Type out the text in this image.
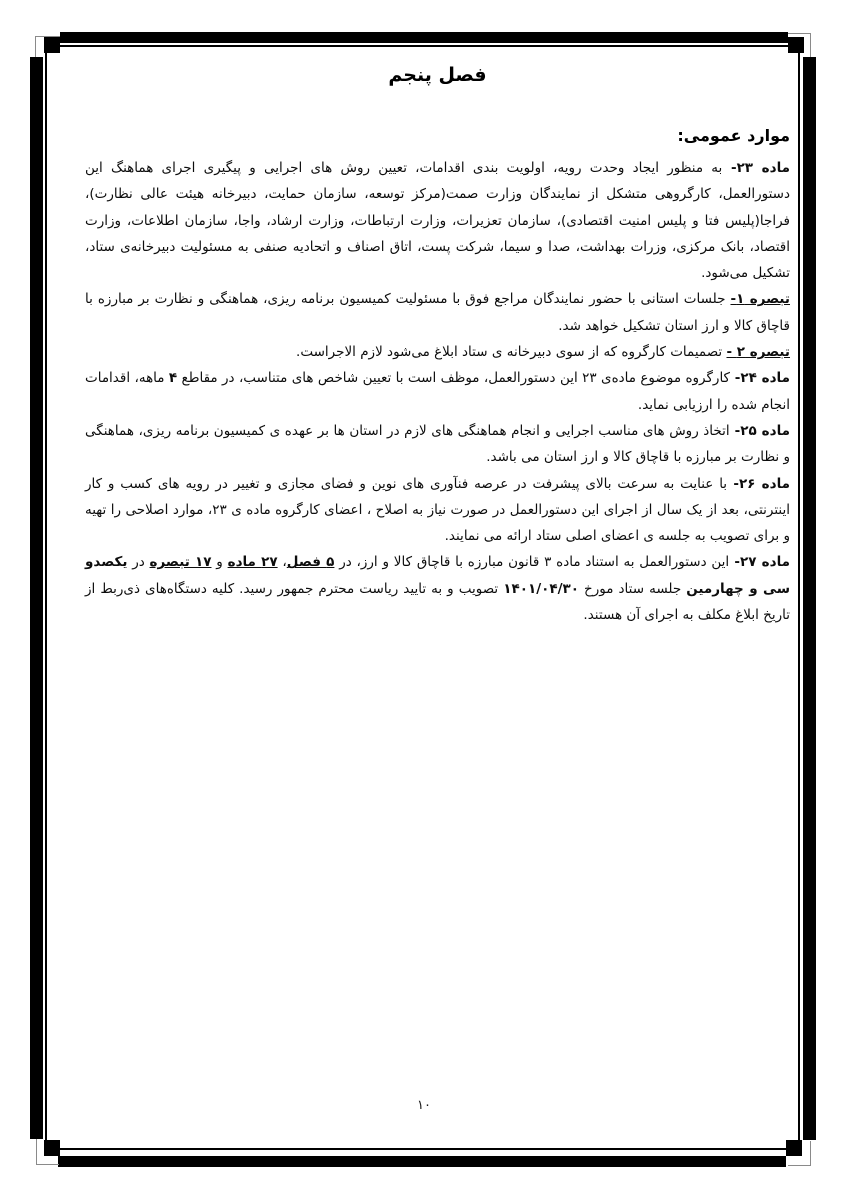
فصل پنجم
موارد عمومی:
ماده ۲۳- به منظور ایجاد وحدت رویه، اولویت بندی اقدامات، تعیین روش های اجرایی و پیگیری اجرای هماهنگ این دستورالعمل، کارگروهی متشکل از نمایندگان وزارت صمت(مرکز توسعه، سازمان حمایت، دبیرخانه هیئت عالی نظارت)، فراجا(پلیس فتا و پلیس امنیت اقتصادی)، سازمان تعزیرات، وزارت ارتباطات، وزارت ارشاد، واجا، سازمان اطلاعات، وزارت اقتصاد، بانک مرکزی، وزرات بهداشت، صدا و سیما، شرکت پست، اتاق اصناف و اتحادیه صنفی به مسئولیت دبیرخانه‌ی ستاد، تشکیل می‌شود.
تبصره ۱- جلسات استانی با حضور نمایندگان مراجع فوق با مسئولیت کمیسیون برنامه ریزی، هماهنگی و نظارت بر مبارزه با قاچاق کالا و ارز استان تشکیل خواهد شد.
تبصره ۲ - تصمیمات کارگروه که از سوی دبیرخانه ی ستاد ابلاغ می‌شود لازم الاجراست.
ماده ۲۴- کارگروه موضوع ماده‌ی ۲۳ این دستورالعمل، موظف است با تعیین شاخص های متناسب، در مقاطع ۴ ماهه، اقدامات انجام شده را ارزیابی نماید.
ماده ۲۵- اتخاذ روش های مناسب اجرایی و انجام هماهنگی های لازم در استان ها بر عهده ی کمیسیون برنامه ریزی، هماهنگی و نظارت بر مبارزه با قاچاق کالا و ارز استان می باشد.
ماده ۲۶- با عنایت به سرعت بالای پیشرفت در عرصه فنآوری های نوین و فضای مجازی و تغییر در رویه های کسب و کار اینترنتی، بعد از یک سال از اجرای این دستورالعمل در صورت نیاز به اصلاح ، اعضای کارگروه ماده ی ۲۳، موارد اصلاحی را تهیه و برای تصویب به جلسه ی اعضای اصلی ستاد ارائه می نمایند.
ماده ۲۷- این دستورالعمل به استناد ماده ۳ قانون مبارزه با قاچاق کالا و ارز، در ۵ فصل، ۲۷ ماده و ۱۷ تبصره در یکصدو سی و چهارمین جلسه ستاد مورخ ۱۴۰۱/۰۴/۳۰ تصویب و به تایید ریاست محترم جمهور رسید. کلیه دستگاه‌های ذی‌ربط از تاریخ ابلاغ مکلف به اجرای آن هستند.
۱۰
